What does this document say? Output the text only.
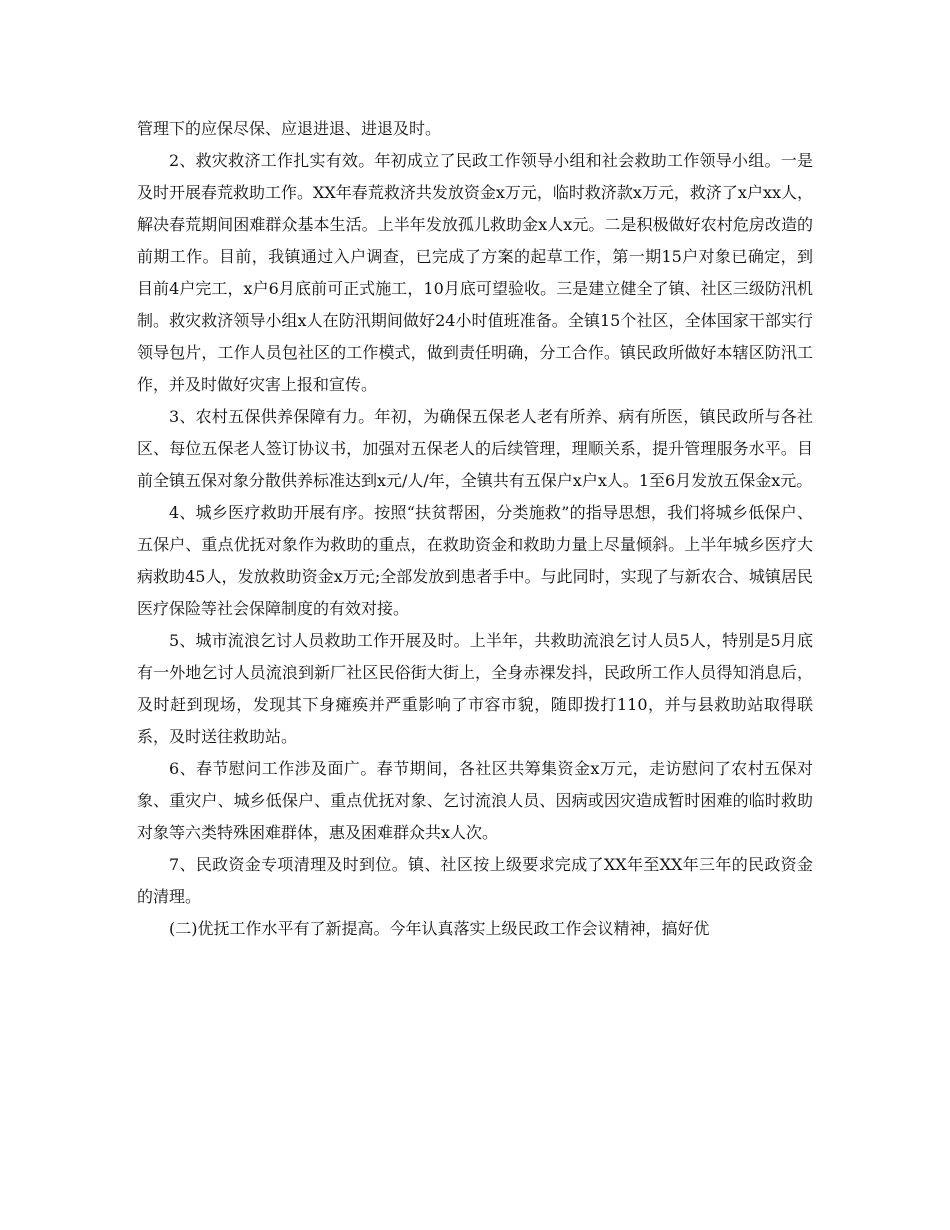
管理下的应保尽保、应退进退、进退及时。

2、救灾救济工作扎实有效。年初成立了民政工作领导小组和社会救助工作领导小组。一是及时开展春荒救助工作。XX年春荒救济共发放资金x万元，临时救济款x万元，救济了x户xx人，解决春荒期间困难群众基本生活。上半年发放孤儿救助金x人x元。二是积极做好农村危房改造的前期工作。目前，我镇通过入户调查，已完成了方案的起草工作，第一期15户对象已确定，到目前4户完工，x户6月底前可正式施工，10月底可望验收。三是建立健全了镇、社区三级防汛机制。救灾救济领导小组x人在防汛期间做好24小时值班准备。全镇15个社区，全体国家干部实行领导包片，工作人员包社区的工作模式，做到责任明确，分工合作。镇民政所做好本辖区防汛工作，并及时做好灾害上报和宣传。

3、农村五保供养保障有力。年初，为确保五保老人老有所养、病有所医，镇民政所与各社区、每位五保老人签订协议书，加强对五保老人的后续管理，理顺关系，提升管理服务水平。目前全镇五保对象分散供养标准达到x元/人/年，全镇共有五保户x户x人。1至6月发放五保金x元。

4、城乡医疗救助开展有序。按照“扶贫帮困，分类施救”的指导思想，我们将城乡低保户、五保户、重点优抚对象作为救助的重点，在救助资金和救助力量上尽量倾斜。上半年城乡医疗大病救助45人，发放救助资金x万元;全部发放到患者手中。与此同时，实现了与新农合、城镇居民医疗保险等社会保障制度的有效对接。

5、城市流浪乞讨人员救助工作开展及时。上半年，共救助流浪乞讨人员5人，特别是5月底有一外地乞讨人员流浪到新厂社区民俗街大街上，全身赤裸发抖，民政所工作人员得知消息后，及时赶到现场，发现其下身瘫痪并严重影响了市容市貌，随即拨打110，并与县救助站取得联系，及时送往救助站。

6、春节慰问工作涉及面广。春节期间，各社区共筹集资金x万元，走访慰问了农村五保对象、重灾户、城乡低保户、重点优抚对象、乞讨流浪人员、因病或因灾造成暂时困难的临时救助对象等六类特殊困难群体，惠及困难群众共x人次。

7、民政资金专项清理及时到位。镇、社区按上级要求完成了XX年至XX年三年的民政资金的清理。

(二)优抚工作水平有了新提高。今年认真落实上级民政工作会议精神，搞好优
